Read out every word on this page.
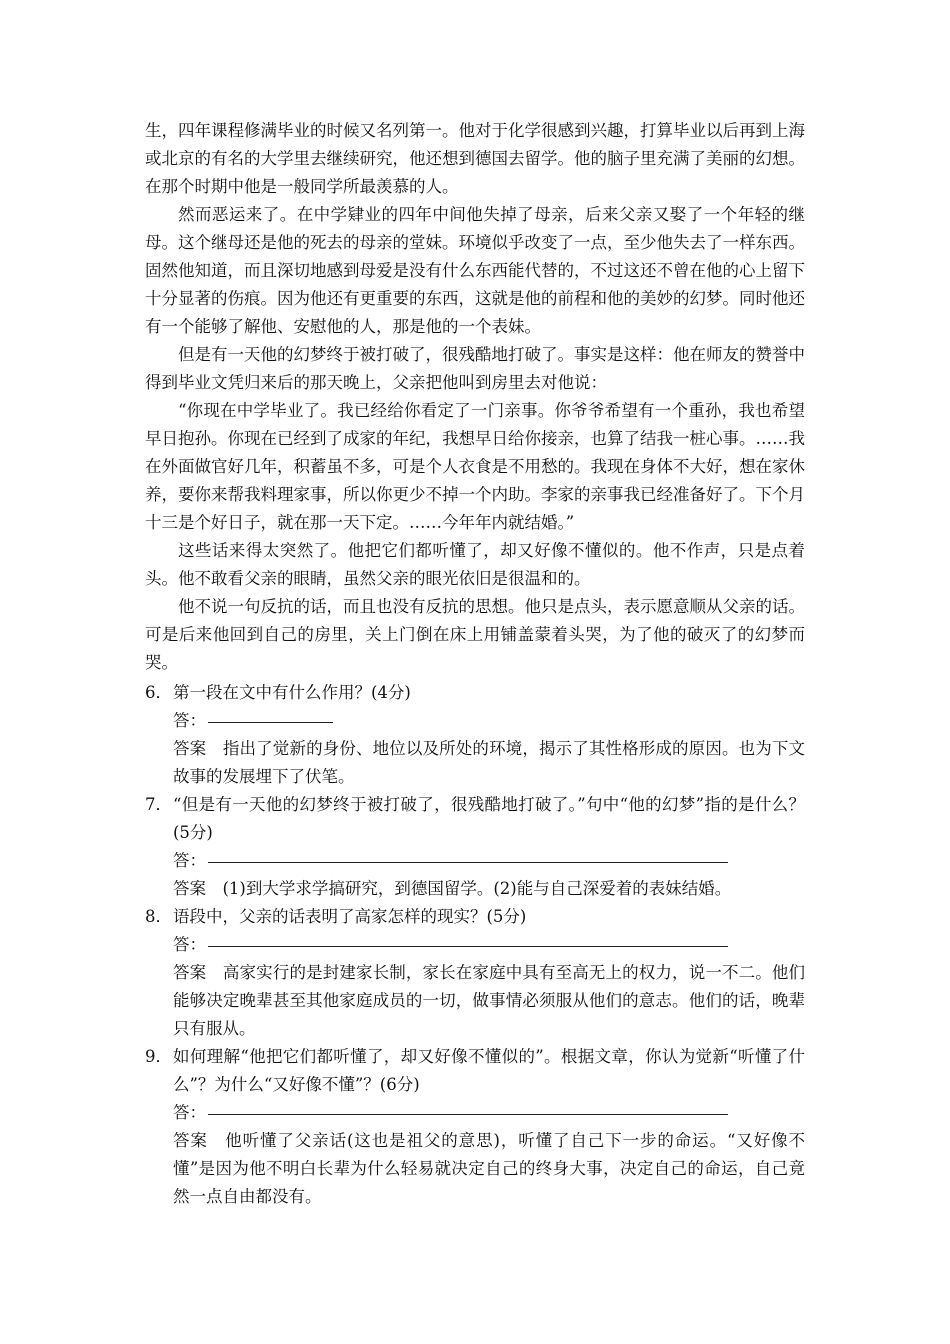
生，四年课程修满毕业的时候又名列第一。他对于化学很感到兴趣，打算毕业以后再到上海或北京的有名的大学里去继续研究，他还想到德国去留学。他的脑子里充满了美丽的幻想。在那个时期中他是一般同学所最羡慕的人。

然而恶运来了。在中学肄业的四年中间他失掉了母亲，后来父亲又娶了一个年轻的继母。这个继母还是他的死去的母亲的堂妹。环境似乎改变了一点，至少他失去了一样东西。固然他知道，而且深切地感到母爱是没有什么东西能代替的，不过这还不曾在他的心上留下十分显著的伤痕。因为他还有更重要的东西，这就是他的前程和他的美妙的幻梦。同时他还有一个能够了解他、安慰他的人，那是他的一个表妹。

但是有一天他的幻梦终于被打破了，很残酷地打破了。事实是这样：他在师友的赞誉中得到毕业文凭归来后的那天晚上，父亲把他叫到房里去对他说：

“你现在中学毕业了。我已经给你看定了一门亲事。你爷爷希望有一个重孙，我也希望早日抱孙。你现在已经到了成家的年纪，我想早日给你接亲，也算了结我一桩心事。……我在外面做官好几年，积蓄虽不多，可是个人衣食是不用愁的。我现在身体不大好，想在家休养，要你来帮我料理家事，所以你更少不掉一个内助。李家的亲事我已经准备好了。下个月十三是个好日子，就在那一天下定。……今年年内就结婚。”

这些话来得太突然了。他把它们都听懂了，却又好像不懂似的。他不作声，只是点着头。他不敢看父亲的眼睛，虽然父亲的眼光依旧是很温和的。

他不说一句反抗的话，而且也没有反抗的思想。他只是点头，表示愿意顺从父亲的话。可是后来他回到自己的房里，关上门倒在床上用铺盖蒙着头哭，为了他的破灭了的幻梦而哭。

6． 第一段在文中有什么作用？(4分)
答：
答案　指出了觉新的身份、地位以及所处的环境，揭示了其性格形成的原因。也为下文故事的发展埋下了伏笔。
7． “但是有一天他的幻梦终于被打破了，很残酷地打破了。”句中“他的幻梦”指的是什么？(5分)
答：
答案　(1)到大学求学搞研究，到德国留学。(2)能与自己深爱着的表妹结婚。
8． 语段中，父亲的话表明了高家怎样的现实？(5分)
答：
答案　高家实行的是封建家长制，家长在家庭中具有至高无上的权力，说一不二。他们能够决定晚辈甚至其他家庭成员的一切，做事情必须服从他们的意志。他们的话，晚辈只有服从。
9． 如何理解“他把它们都听懂了，却又好像不懂似的”。根据文章，你认为觉新“听懂了什么”？为什么“又好像不懂”？(6分)
答：
答案　他听懂了父亲话(这也是祖父的意思)，听懂了自己下一步的命运。“又好像不懂”是因为他不明白长辈为什么轻易就决定自己的终身大事，决定自己的命运，自己竟然一点自由都没有。
